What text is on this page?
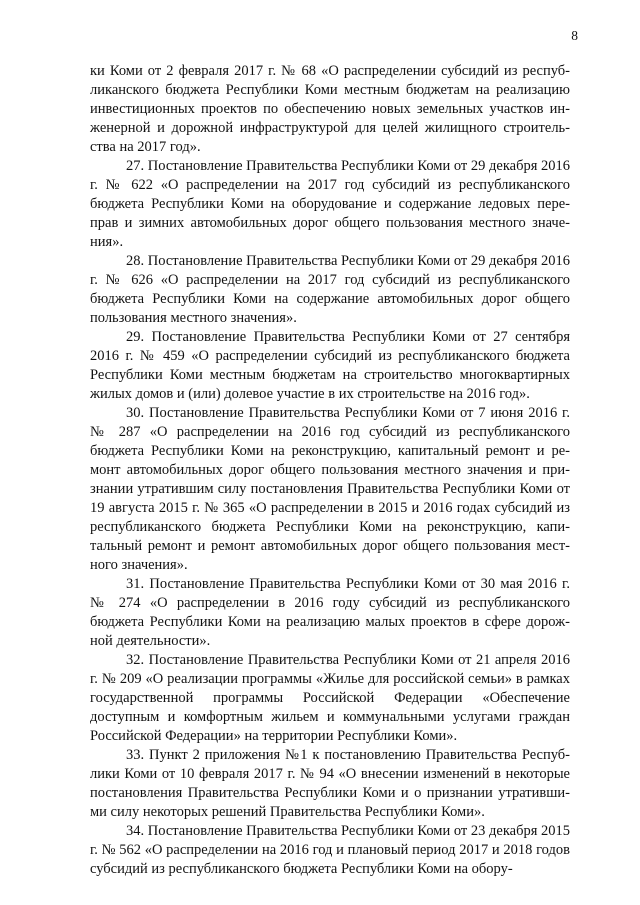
8

ки Коми от 2 февраля 2017 г. № 68 «О распределении субсидий из респуб-ликанского бюджета Республики Коми местным бюджетам на реализацию инвестиционных проектов по обеспечению новых земельных участков ин-женерной и дорожной инфраструктурой для целей жилищного строитель-ства на 2017 год».

27. Постановление Правительства Республики Коми от 29 декабря 2016 г. № 622 «О распределении на 2017 год субсидий из республиканского бюджета Республики Коми на оборудование и содержание ледовых пере-прав и зимних автомобильных дорог общего пользования местного значе-ния».

28. Постановление Правительства Республики Коми от 29 декабря 2016 г. № 626 «О распределении на 2017 год субсидий из республиканского бюджета Республики Коми на содержание автомобильных дорог общего пользования местного значения».

29. Постановление Правительства Республики Коми от 27 сентября 2016 г. № 459 «О распределении субсидий из республиканского бюджета Республики Коми местным бюджетам на строительство многоквартирных жилых домов и (или) долевое участие в их строительстве на 2016 год».

30. Постановление Правительства Республики Коми от 7 июня 2016 г. № 287 «О распределении на 2016 год субсидий из республиканского бюджета Республики Коми на реконструкцию, капитальный ремонт и ре-монт автомобильных дорог общего пользования местного значения и при-знании утратившим силу постановления Правительства Республики Коми от 19 августа 2015 г. № 365 «О распределении в 2015 и 2016 годах субсидий из республиканского бюджета Республики Коми на реконструкцию, капи-тальный ремонт и ремонт автомобильных дорог общего пользования мест-ного значения».

31. Постановление Правительства Республики Коми от 30 мая 2016 г. № 274 «О распределении в 2016 году субсидий из республиканского бюджета Республики Коми на реализацию малых проектов в сфере дорож-ной деятельности».

32. Постановление Правительства Республики Коми от 21 апреля 2016 г. № 209 «О реализации программы «Жилье для российской семьи» в рамках государственной программы Российской Федерации «Обеспечение доступным и комфортным жильем и коммунальными услугами граждан Российской Федерации» на территории Республики Коми».

33. Пункт 2 приложения №1 к постановлению Правительства Респуб-лики Коми от 10 февраля 2017 г. № 94 «О внесении изменений в некоторые постановления Правительства Республики Коми и о признании утративши-ми силу некоторых решений Правительства Республики Коми».

34. Постановление Правительства Республики Коми от 23 декабря 2015 г. № 562 «О распределении на 2016 год и плановый период 2017 и 2018 годов субсидий из республиканского бюджета Республики Коми на обору-
